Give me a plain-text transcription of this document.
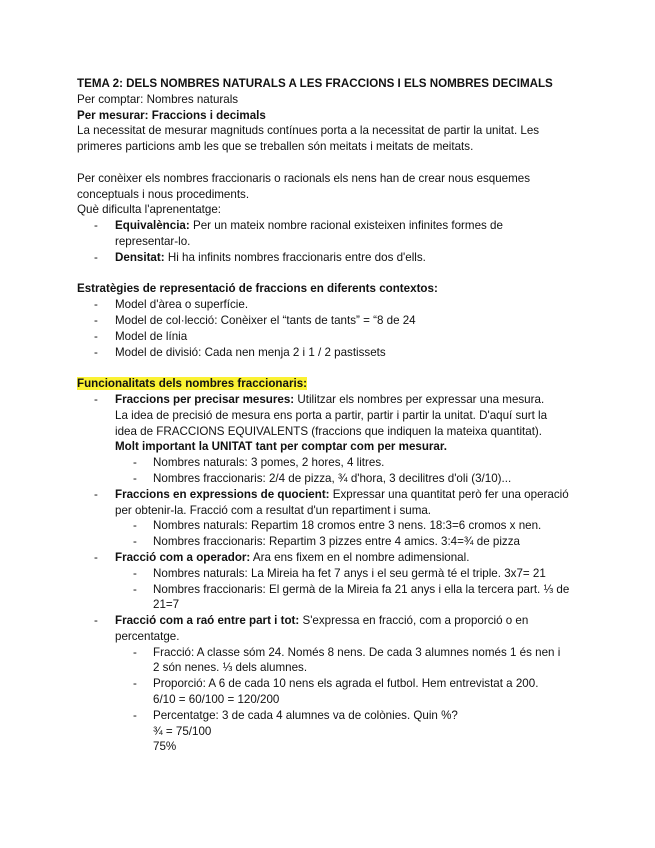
TEMA 2: DELS NOMBRES NATURALS A LES FRACCIONS I ELS NOMBRES DECIMALS
Per comptar: Nombres naturals
Per mesurar: Fraccions i decimals
La necessitat de mesurar magnituds contínues porta a la necessitat de partir la unitat. Les
primeres particions amb les que se treballen són meitats i meitats de meitats.
Per conèixer els nombres fraccionaris o racionals els nens han de crear nous esquemes
conceptuals i nous procediments.
Què dificulta l'aprenentatge:
- Equivalència: Per un mateix nombre racional existeixen infinites formes de
representar-lo.
- Densitat: Hi ha infinits nombres fraccionaris entre dos d'ells.
Estratègies de representació de fraccions en diferents contextos:
- Model d'àrea o superfície.
- Model de col·lecció: Conèixer el “tants de tants” = “8 de 24
- Model de línia
- Model de divisió: Cada nen menja 2 i 1 / 2 pastissets
Funcionalitats dels nombres fraccionaris:
- Fraccions per precisar mesures: Utilitzar els nombres per expressar una mesura.
La idea de precisió de mesura ens porta a partir, partir i partir la unitat. D'aquí surt la
idea de FRACCIONS EQUIVALENTS (fraccions que indiquen la mateixa quantitat).
Molt important la UNITAT tant per comptar com per mesurar.
- Nombres naturals: 3 pomes, 2 hores, 4 litres.
- Nombres fraccionaris: 2/4 de pizza, ¾ d'hora, 3 decilitres d'oli (3/10)...
- Fraccions en expressions de quocient: Expressar una quantitat però fer una operació
per obtenir-la. Fracció com a resultat d'un repartiment i suma.
- Nombres naturals: Repartim 18 cromos entre 3 nens. 18:3=6 cromos x nen.
- Nombres fraccionaris: Repartim 3 pizzes entre 4 amics. 3:4=¾ de pizza
- Fracció com a operador: Ara ens fixem en el nombre adimensional.
- Nombres naturals: La Mireia ha fet 7 anys i el seu germà té el triple. 3x7= 21
- Nombres fraccionaris: El germà de la Mireia fa 21 anys i ella la tercera part. ⅓ de
21=7
- Fracció com a raó entre part i tot: S'expressa en fracció, com a proporció o en
percentatge.
- Fracció: A classe sóm 24. Només 8 nens. De cada 3 alumnes només 1 és nen i
2 són nenes. ⅓ dels alumnes.
- Proporció: A 6 de cada 10 nens els agrada el futbol. Hem entrevistat a 200.
6/10 = 60/100 = 120/200
- Percentatge: 3 de cada 4 alumnes va de colònies. Quin %?
¾ = 75/100
75%
